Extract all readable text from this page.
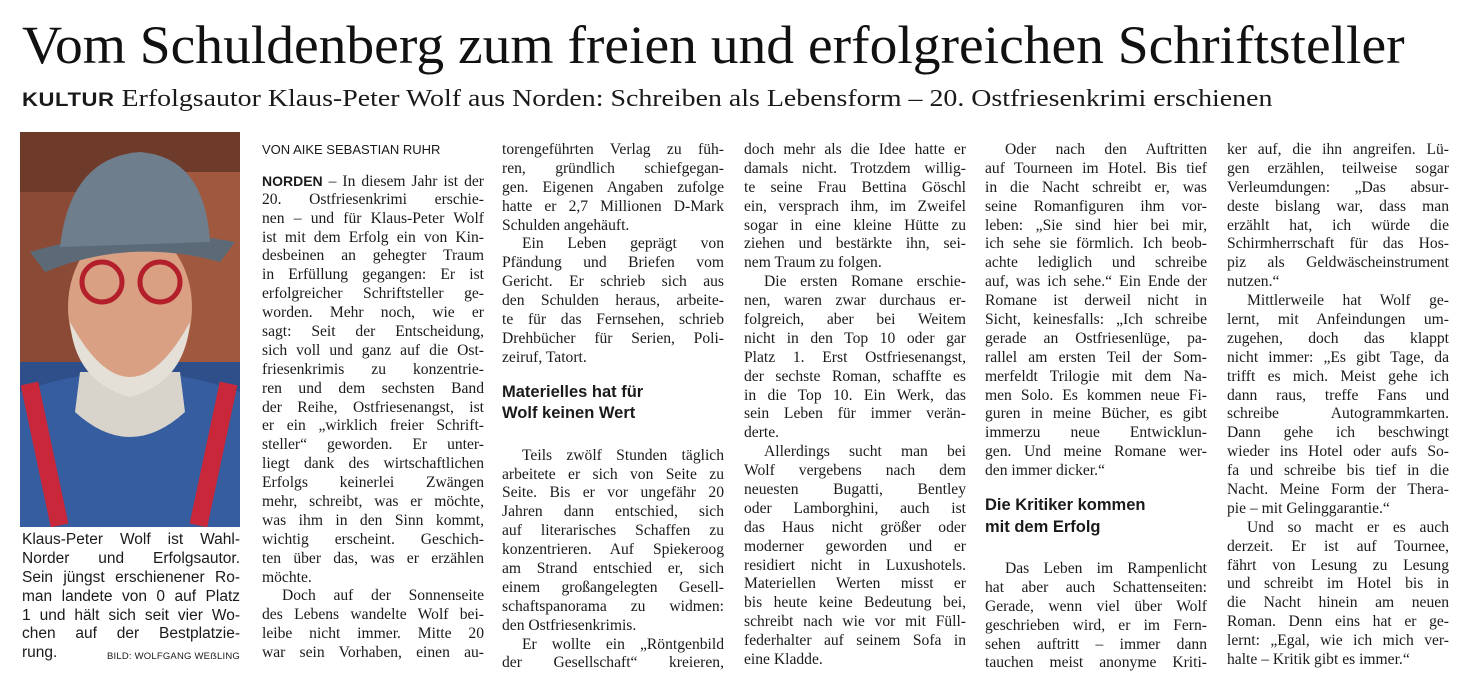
Vom Schuldenberg zum freien und erfolgreichen Schriftsteller
KULTUR Erfolgsautor Klaus-Peter Wolf aus Norden: Schreiben als Lebensform – 20. Ostfriesenkrimi erschienen
Klaus-Peter Wolf ist Wahl-
Norder und Erfolgsautor.
Sein jüngst erschienener Ro-
man landete von 0 auf Platz
1 und hält sich seit vier Wo-
chen auf der Bestplatzie-
rung.	BILD: WOLFGANG WEẞLING
VON AIKE SEBASTIAN RUHR
NORDEN – In diesem Jahr ist der
20. Ostfriesenkrimi erschie-
nen – und für Klaus-Peter Wolf
ist mit dem Erfolg ein von Kin-
desbeinen an gehegter Traum
in Erfüllung gegangen: Er ist
erfolgreicher Schriftsteller ge-
worden. Mehr noch, wie er
sagt: Seit der Entscheidung,
sich voll und ganz auf die Ost-
friesenkrimis zu konzentrie-
ren und dem sechsten Band
der Reihe, Ostfriesenangst, ist
er ein „wirklich freier Schrift-
steller“ geworden. Er unter-
liegt dank des wirtschaftlichen
Erfolgs keinerlei Zwängen
mehr, schreibt, was er möchte,
was ihm in den Sinn kommt,
wichtig erscheint. Geschich-
ten über das, was er erzählen
möchte.
Doch auf der Sonnenseite
des Lebens wandelte Wolf bei-
leibe nicht immer. Mitte 20
war sein Vorhaben, einen au-
torengeführten Verlag zu füh-
ren, gründlich schiefgegan-
gen. Eigenen Angaben zufolge
hatte er 2,7 Millionen D-Mark
Schulden angehäuft.
Ein Leben geprägt von
Pfändung und Briefen vom
Gericht. Er schrieb sich aus
den Schulden heraus, arbeite-
te für das Fernsehen, schrieb
Drehbücher für Serien, Poli-
zeiruf, Tatort.
Materielles hat für
Wolf keinen Wert
Teils zwölf Stunden täglich
arbeitete er sich von Seite zu
Seite. Bis er vor ungefähr 20
Jahren dann entschied, sich
auf literarisches Schaffen zu
konzentrieren. Auf Spiekeroog
am Strand entschied er, sich
einem großangelegten Gesell-
schaftspanorama zu widmen:
den Ostfriesenkrimis.
Er wollte ein „Röntgenbild
der Gesellschaft“ kreieren,
doch mehr als die Idee hatte er
damals nicht. Trotzdem willig-
te seine Frau Bettina Göschl
ein, versprach ihm, im Zweifel
sogar in eine kleine Hütte zu
ziehen und bestärkte ihn, sei-
nem Traum zu folgen.
Die ersten Romane erschie-
nen, waren zwar durchaus er-
folgreich, aber bei Weitem
nicht in den Top 10 oder gar
Platz 1. Erst Ostfriesenangst,
der sechste Roman, schaffte es
in die Top 10. Ein Werk, das
sein Leben für immer verän-
derte.
Allerdings sucht man bei
Wolf vergebens nach dem
neuesten Bugatti, Bentley
oder Lamborghini, auch ist
das Haus nicht größer oder
moderner geworden und er
residiert nicht in Luxushotels.
Materiellen Werten misst er
bis heute keine Bedeutung bei,
schreibt nach wie vor mit Füll-
federhalter auf seinem Sofa in
eine Kladde.
Oder nach den Auftritten
auf Tourneen im Hotel. Bis tief
in die Nacht schreibt er, was
seine Romanfiguren ihm vor-
leben: „Sie sind hier bei mir,
ich sehe sie förmlich. Ich beob-
achte lediglich und schreibe
auf, was ich sehe.“ Ein Ende der
Romane ist derweil nicht in
Sicht, keinesfalls: „Ich schreibe
gerade an Ostfriesenlüge, pa-
rallel am ersten Teil der Som-
merfeldt Trilogie mit dem Na-
men Solo. Es kommen neue Fi-
guren in meine Bücher, es gibt
immerzu neue Entwicklun-
gen. Und meine Romane wer-
den immer dicker.“
Die Kritiker kommen
mit dem Erfolg
Das Leben im Rampenlicht
hat aber auch Schattenseiten:
Gerade, wenn viel über Wolf
geschrieben wird, er im Fern-
sehen auftritt – immer dann
tauchen meist anonyme Kriti-
ker auf, die ihn angreifen. Lü-
gen erzählen, teilweise sogar
Verleumdungen: „Das absur-
deste bislang war, dass man
erzählt hat, ich würde die
Schirmherrschaft für das Hos-
piz als Geldwäscheinstrument
nutzen.“
Mittlerweile hat Wolf ge-
lernt, mit Anfeindungen um-
zugehen, doch das klappt
nicht immer: „Es gibt Tage, da
trifft es mich. Meist gehe ich
dann raus, treffe Fans und
schreibe Autogrammkarten.
Dann gehe ich beschwingt
wieder ins Hotel oder aufs So-
fa und schreibe bis tief in die
Nacht. Meine Form der Thera-
pie – mit Gelinggarantie.“
Und so macht er es auch
derzeit. Er ist auf Tournee,
fährt von Lesung zu Lesung
und schreibt im Hotel bis in
die Nacht hinein am neuen
Roman. Denn eins hat er ge-
lernt: „Egal, wie ich mich ver-
halte – Kritik gibt es immer.“
